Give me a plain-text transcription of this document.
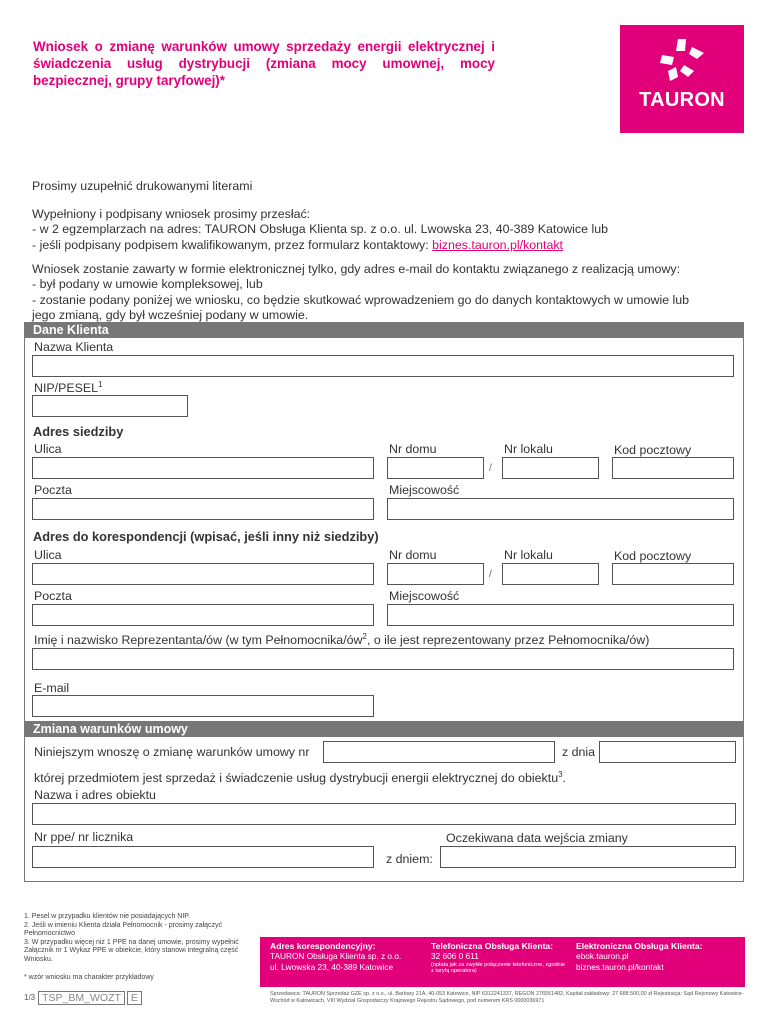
Wniosek o zmianę warunków umowy sprzedaży energii elektrycznej i świadczenia usług dystrybucji (zmiana mocy umownej, mocy bezpiecznej, grupy taryfowej)*
TAURON
Prosimy uzupełnić drukowanymi literami
Wypełniony i podpisany wniosek prosimy przesłać:
- w 2 egzemplarzach na adres: TAURON Obsługa Klienta sp. z o.o. ul. Lwowska 23, 40-389 Katowice lub
- jeśli podpisany podpisem kwalifikowanym, przez formularz kontaktowy: biznes.tauron.pl/kontakt
Wniosek zostanie zawarty w formie elektronicznej tylko, gdy adres e-mail do kontaktu związanego z realizacją umowy:
- był podany w umowie kompleksowej, lub
- zostanie podany poniżej we wniosku, co będzie skutkować wprowadzeniem go do danych kontaktowych w umowie lub
jego zmianą, gdy był wcześniej podany w umowie.
Dane Klienta
Nazwa Klienta
NIP/PESEL$^1$
Adres siedziby
Ulica	Nr domu	Nr lokalu	Kod pocztowy
/
Poczta	Miejscowość
Adres do korespondencji (wpisać, jeśli inny niż siedziby)
Ulica	Nr domu	Nr lokalu	Kod pocztowy
/
Poczta	Miejscowość
Imię i nazwisko Reprezentanta/ów (w tym Pełnomocnika/$ów^2$, o ile jest reprezentowany przez Pełnomocnika/ów)
E-mail
Zmiana warunków umowy
Niniejszym wnoszę o zmianę warunków umowy nr	z dnia
której przedmiotem jest sprzedaż i świadczenie usług dystrybucji energii elektrycznej do obiektu$^3$.
Nazwa i adres obiektu
Nr ppe/ nr licznika	Oczekiwana data wejścia zmiany
z dniem:
1. Pesel w przypadku klientów nie posiadających NIP.
2. Jeśli w imieniu Klienta działa Pełnomocnik - prosimy załączyć Pełnomocnictwo
3. W przypadku więcej niż 1 PPE na danej umowie, prosimy wypełnić Załącznik nr 1 Wykaz PPE w obiekcie, który stanowi integralną część Wniosku.
* wzór wniosku ma charakter przykładowy
Adres korespondencyjny:
TAURON Obsługa Klienta sp. z o.o.
ul. Lwowska 23, 40-389 Katowice
Telefoniczna Obsługa Klienta:
32 606 0 611
(opłata jak za zwykłe połączenie telefoniczne, zgodnie z taryfą operatora)
Elektroniczna Obsługa Klienta:
ebok.tauron.pl
biznes.tauron.pl/kontakt
Sprzedawca: TAURON Sprzedaż GZE sp. z o.o., ul. Barbary 21A, 40-053 Katowice, NIP 6312241337, REGON 276551482, Kapitał zakładowy: 27 688.500,00 zł Rejestracja: Sąd Rejonowy Katowice-Wschód w Katowicach, VIII Wydział Gospodarczy Krajowego Rejestru Sądowego, pod numerem KRS 0000036971
1/3 TSP_BM_WOZT E
